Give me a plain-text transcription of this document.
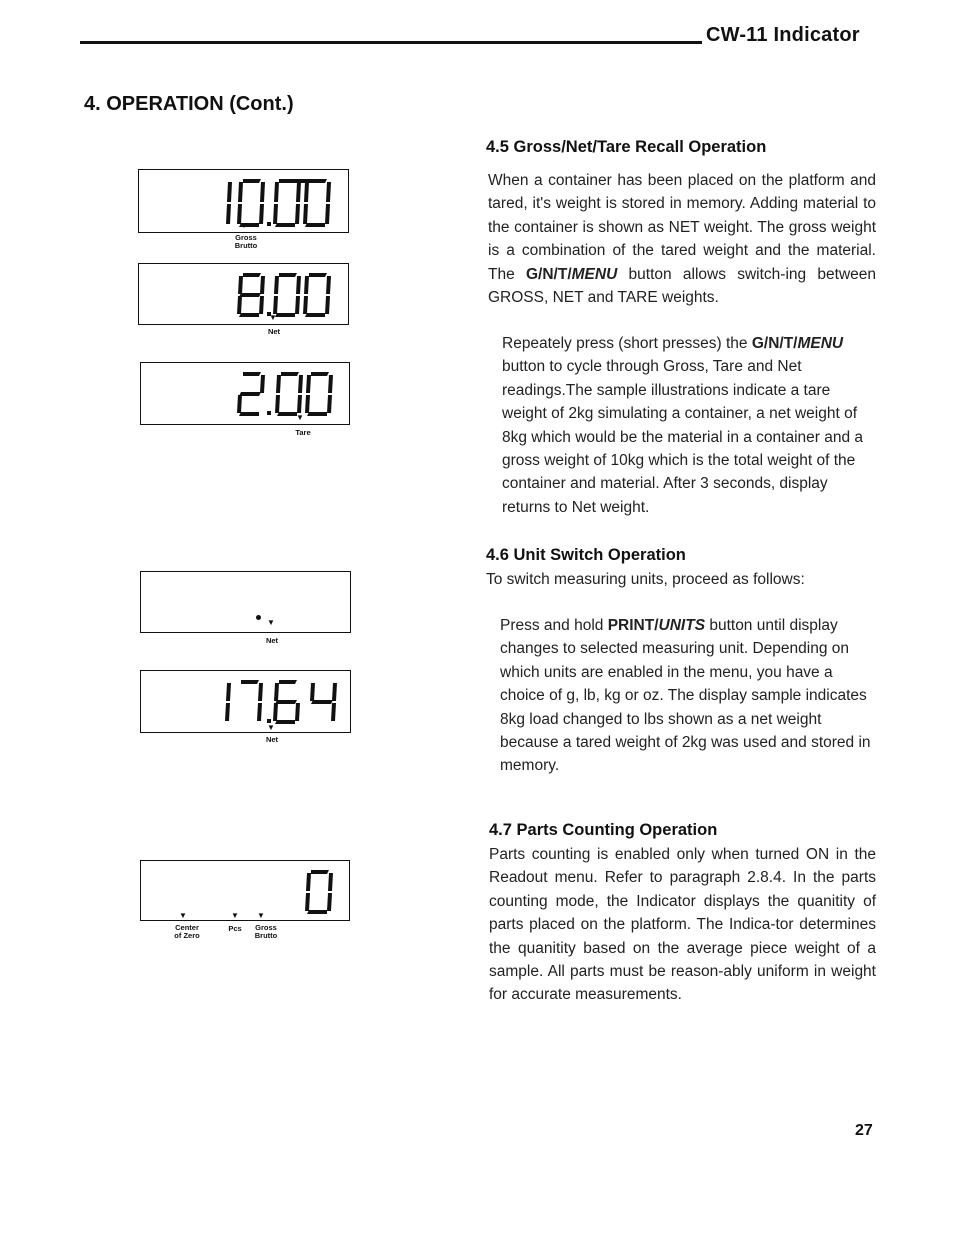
CW-11 Indicator
4. OPERATION (Cont.)
4.5 Gross/Net/Tare Recall Operation
When a container has been placed on the platform and tared, it's weight is stored in memory. Adding material to the container is shown as NET weight. The gross weight is a combination of the tared weight and the material. The G/N/T/MENU button allows switch-ing between GROSS, NET and TARE weights.
Repeately press (short presses) the G/N/T/MENU button to cycle through Gross, Tare and Net readings.The sample illustrations indicate a tare weight of 2kg simulating a container, a net weight of 8kg which would be the material in a container and a gross weight of 10kg which is the total weight of the container and material. After 3 seconds, display returns to Net weight.
4.6 Unit Switch Operation
To switch measuring units, proceed as follows:
Press and hold PRINT/UNITS button until display changes to selected measuring unit. Depending on which units are enabled in the menu, you have a choice of g, lb, kg or oz. The display sample indicates 8kg load changed to lbs shown as a net weight because a tared weight of 2kg was used and stored in memory.
4.7 Parts Counting Operation
Parts counting is enabled only when turned ON in the Readout menu. Refer to paragraph 2.8.4. In the parts counting mode, the Indicator displays the quanitity of parts placed on the platform. The Indica-tor determines the quanitity based on the average piece weight of a sample. All parts must be reason-ably uniform in weight for accurate measurements.
▼
Gross
Brutto
▼
Net
▼
Tare
▼
Net
▼
Net
▼	▼ ▼
Center
of Zero
Pcs	Gross
Brutto
27
